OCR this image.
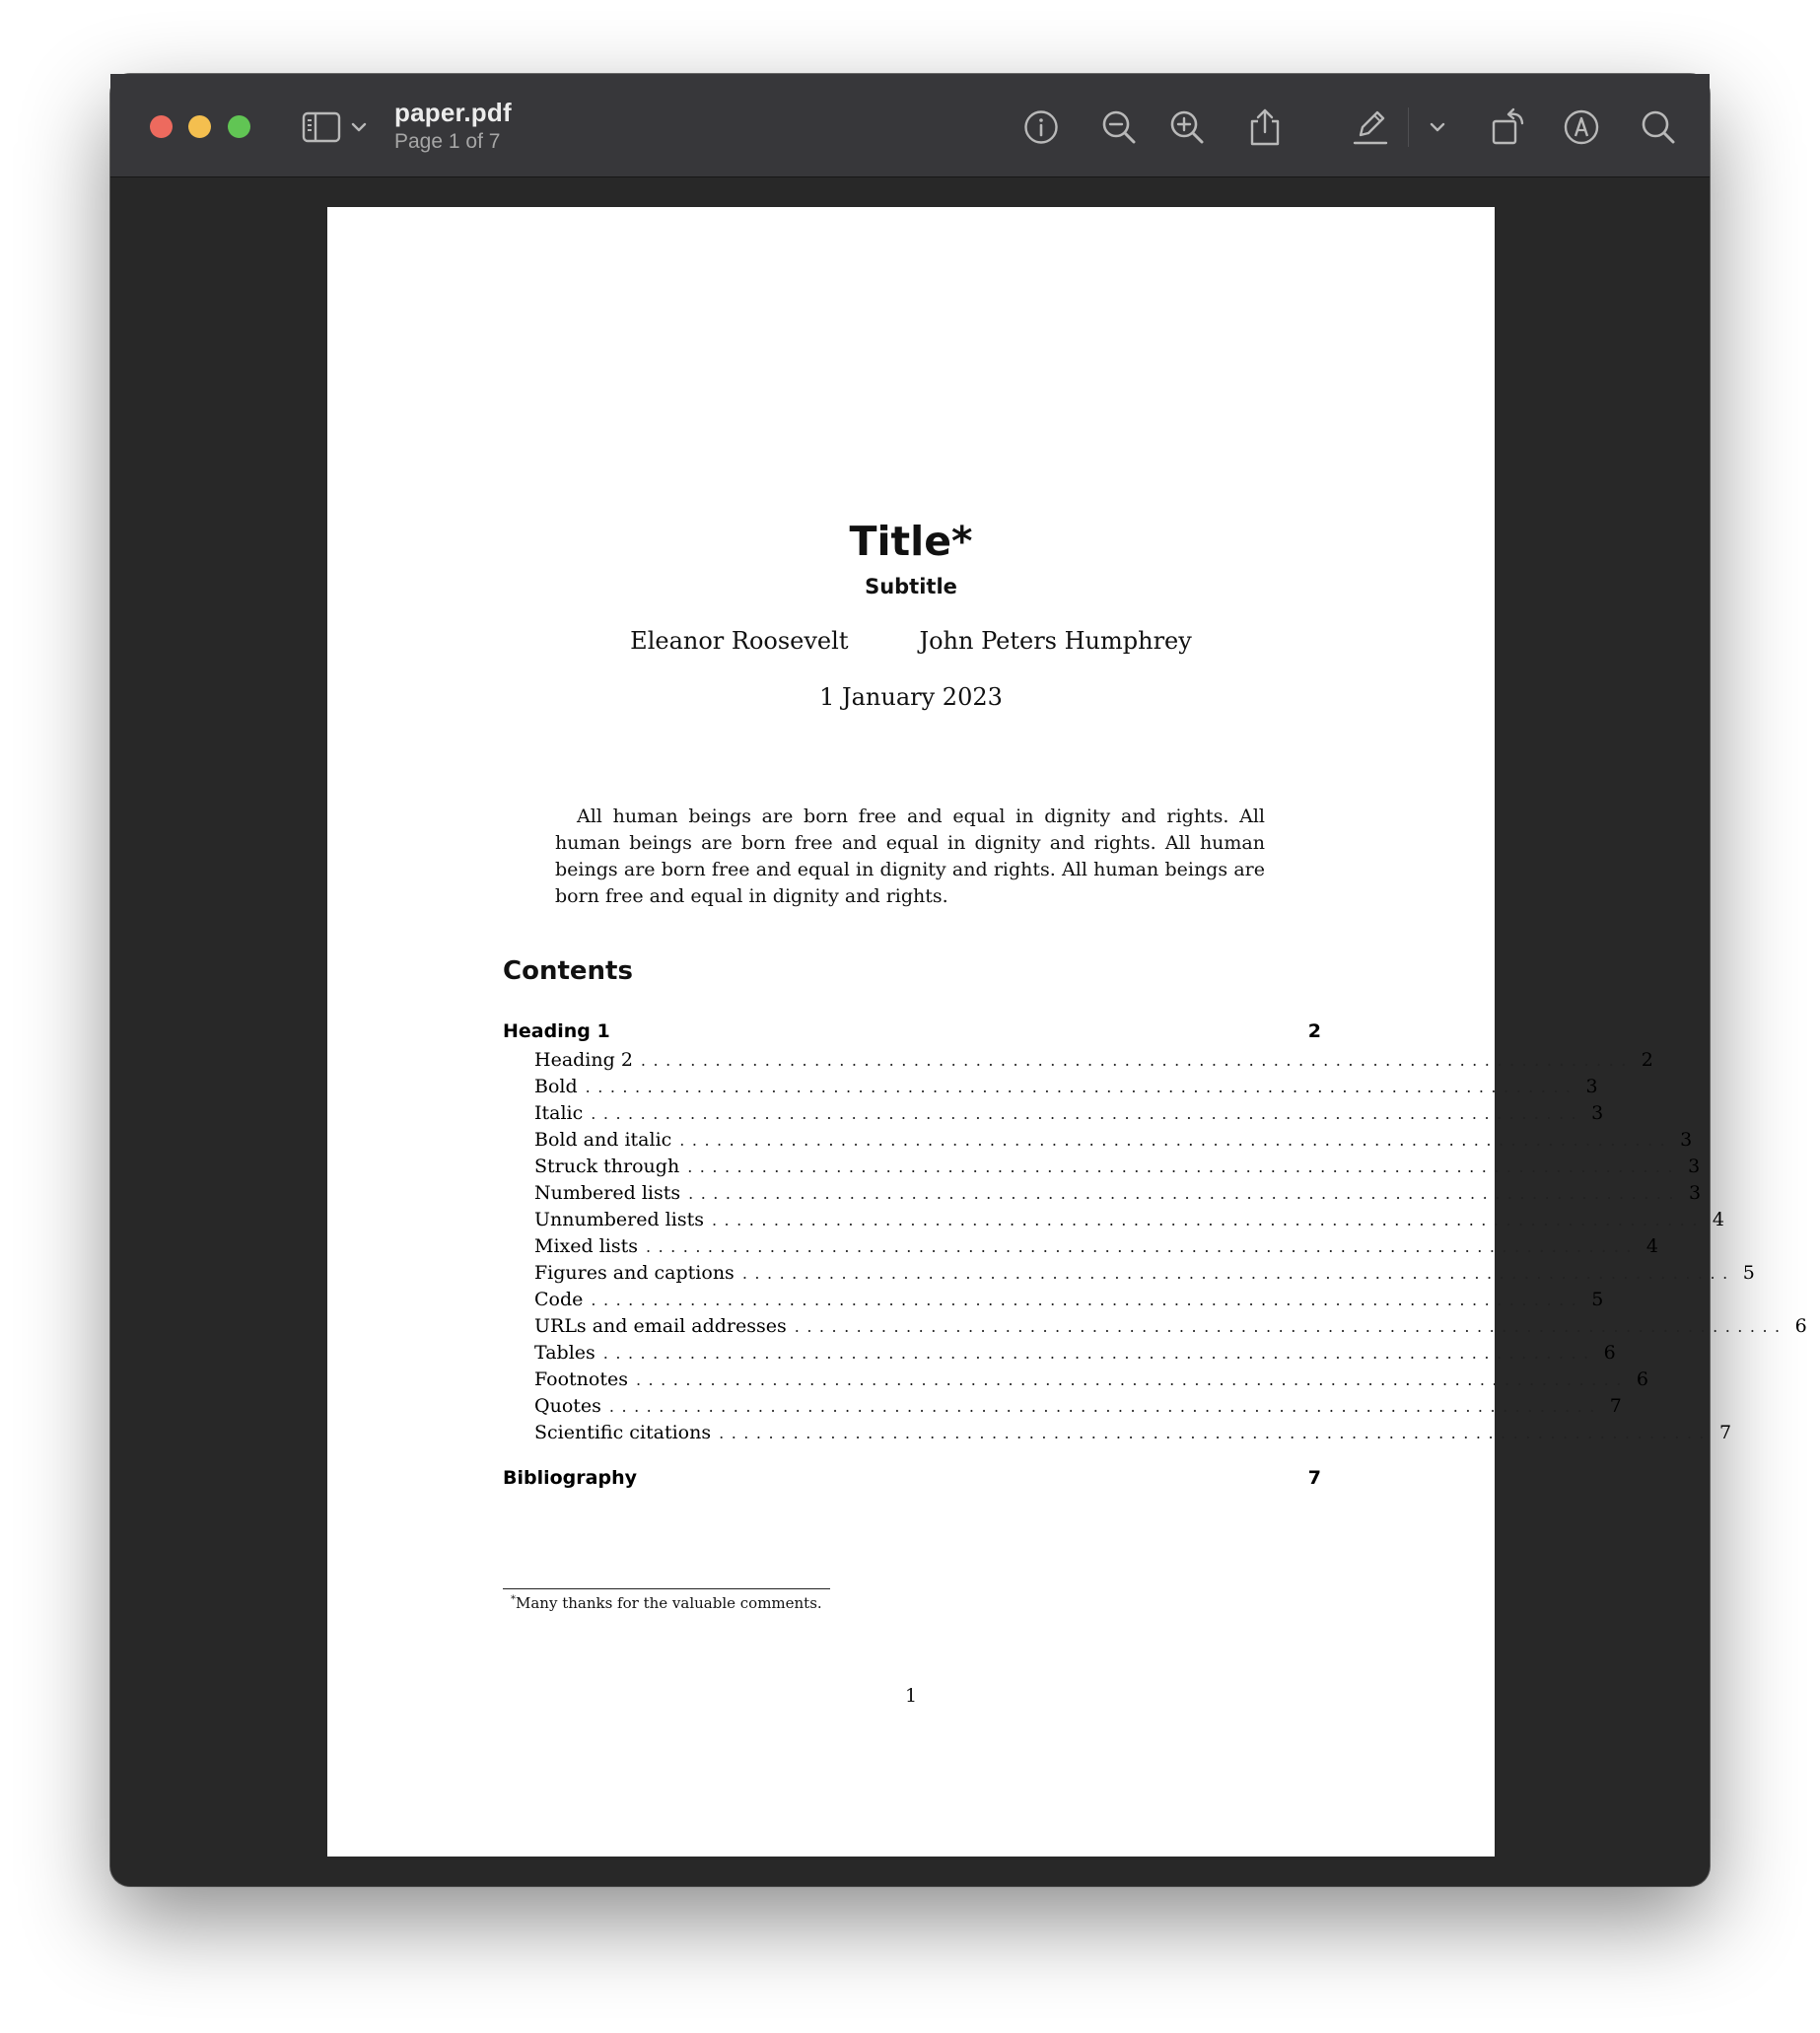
paper.pdf
Page 1 of 7
Title*
Subtitle
Eleanor Roosevelt	John Peters Humphrey
1 January 2023
All human beings are born free and equal in dignity and rights. All human beings are born free and equal in dignity and rights. All human beings are born free and equal in dignity and rights. All human beings are born free and equal in dignity and rights.
Contents
Heading 1	2
Heading 2 ................................................................................ 2
Bold ................................................................................ 3
Italic ................................................................................ 3
Bold and italic ................................................................................ 3
Struck through ................................................................................ 3
Numbered lists ................................................................................ 3
Unnumbered lists ................................................................................ 4
Mixed lists ................................................................................ 4
Figures and captions ................................................................................ 5
Code ................................................................................ 5
URLs and email addresses ................................................................................ 6
Tables ................................................................................ 6
Footnotes ................................................................................ 6
Quotes ................................................................................ 7
Scientific citations ................................................................................ 7
Bibliography	7
*Many thanks for the valuable comments.
1
